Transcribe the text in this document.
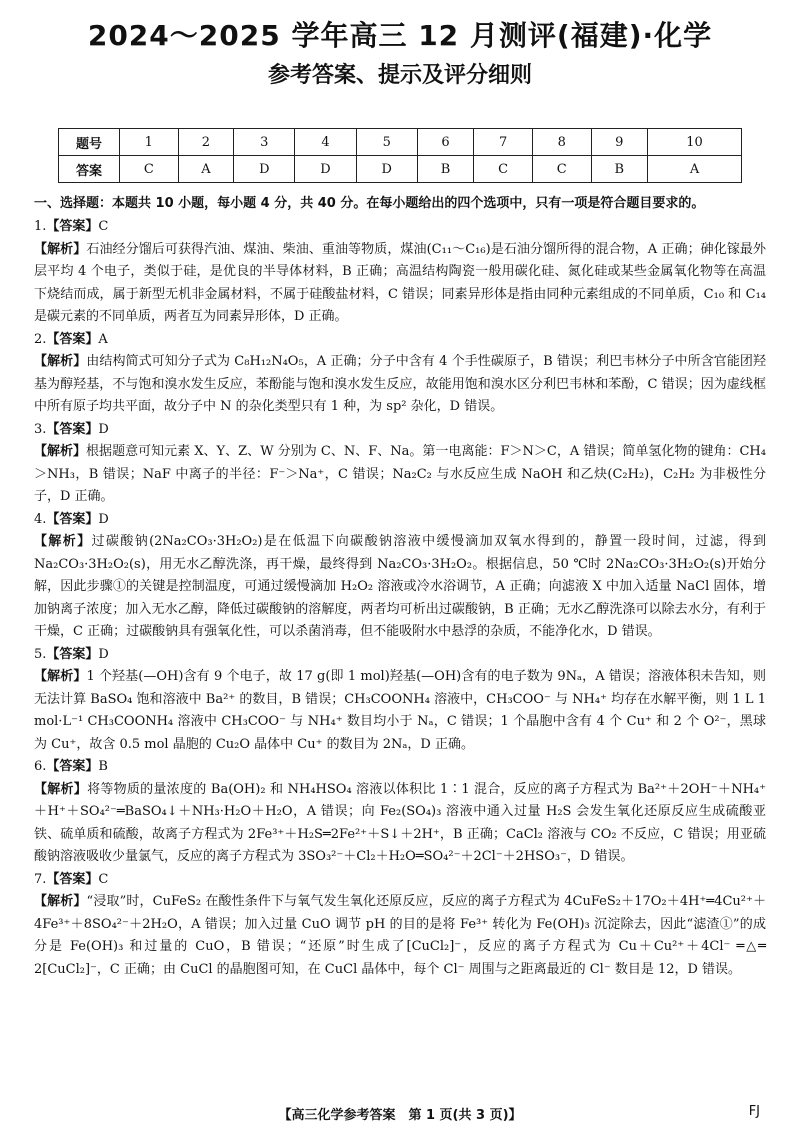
2024～2025 学年高三 12 月测评(福建)·化学
参考答案、提示及评分细则
题号	1	2	3	4	5	6	7	8	9	10
答案	C	A	D	D	D	B	C	C	B	A
一、选择题：本题共 10 小题，每小题 4 分，共 40 分。在每小题给出的四个选项中，只有一项是符合题目要求的。

1.【答案】C

【解析】石油经分馏后可获得汽油、煤油、柴油、重油等物质，煤油(C₁₁～C₁₆)是石油分馏所得的混合物，A 正确；砷化镓最外层平均 4 个电子，类似于硅，是优良的半导体材料，B 正确；高温结构陶瓷一般用碳化硅、氮化硅或某些金属氧化物等在高温下烧结而成，属于新型无机非金属材料，不属于硅酸盐材料，C 错误；同素异形体是指由同种元素组成的不同单质，C₁₀ 和 C₁₄ 是碳元素的不同单质，两者互为同素异形体，D 正确。

2.【答案】A

【解析】由结构简式可知分子式为 C₈H₁₂N₄O₅，A 正确；分子中含有 4 个手性碳原子，B 错误；利巴韦林分子中所含官能团羟基为醇羟基，不与饱和溴水发生反应，苯酚能与饱和溴水发生反应，故能用饱和溴水区分利巴韦林和苯酚，C 错误；因为虚线框中所有原子均共平面，故分子中 N 的杂化类型只有 1 种，为 sp² 杂化，D 错误。

3.【答案】D

【解析】根据题意可知元素 X、Y、Z、W 分别为 C、N、F、Na。第一电离能：F＞N＞C，A 错误；简单氢化物的键角：CH₄＞NH₃，B 错误；NaF 中离子的半径：F⁻＞Na⁺，C 错误；Na₂C₂ 与水反应生成 NaOH 和乙炔(C₂H₂)，C₂H₂ 为非极性分子，D 正确。

4.【答案】D

【解析】过碳酸钠(2Na₂CO₃·3H₂O₂)是在低温下向碳酸钠溶液中缓慢滴加双氧水得到的，静置一段时间，过滤，得到 Na₂CO₃·3H₂O₂(s)，用无水乙醇洗涤，再干燥，最终得到 Na₂CO₃·3H₂O₂。根据信息，50 ℃时 2Na₂CO₃·3H₂O₂(s)开始分解，因此步骤①的关键是控制温度，可通过缓慢滴加 H₂O₂ 溶液或冷水浴调节，A 正确；向滤液 X 中加入适量 NaCl 固体，增加钠离子浓度；加入无水乙醇，降低过碳酸钠的溶解度，两者均可析出过碳酸钠，B 正确；无水乙醇洗涤可以除去水分，有利于干燥，C 正确；过碳酸钠具有强氧化性，可以杀菌消毒，但不能吸附水中悬浮的杂质，不能净化水，D 错误。

5.【答案】D

【解析】1 个羟基(—OH)含有 9 个电子，故 17 g(即 1 mol)羟基(—OH)含有的电子数为 9Nₐ，A 错误；溶液体积未告知，则无法计算 BaSO₄ 饱和溶液中 Ba²⁺ 的数目，B 错误；CH₃COONH₄ 溶液中，CH₃COO⁻ 与 NH₄⁺ 均存在水解平衡，则 1 L 1 mol·L⁻¹ CH₃COONH₄ 溶液中 CH₃COO⁻ 与 NH₄⁺ 数目均小于 Nₐ，C 错误；1 个晶胞中含有 4 个 Cu⁺ 和 2 个 O²⁻，黑球为 Cu⁺，故含 0.5 mol 晶胞的 Cu₂O 晶体中 Cu⁺ 的数目为 2Nₐ，D 正确。

6.【答案】B

【解析】将等物质的量浓度的 Ba(OH)₂ 和 NH₄HSO₄ 溶液以体积比 1∶1 混合，反应的离子方程式为 Ba²⁺＋2OH⁻＋NH₄⁺＋H⁺＋SO₄²⁻═BaSO₄↓＋NH₃·H₂O＋H₂O，A 错误；向 Fe₂(SO₄)₃ 溶液中通入过量 H₂S 会发生氧化还原反应生成硫酸亚铁、硫单质和硫酸，故离子方程式为 2Fe³⁺＋H₂S═2Fe²⁺＋S↓＋2H⁺，B 正确；CaCl₂ 溶液与 CO₂ 不反应，C 错误；用亚硫酸钠溶液吸收少量氯气，反应的离子方程式为 3SO₃²⁻＋Cl₂＋H₂O═SO₄²⁻＋2Cl⁻＋2HSO₃⁻，D 错误。

7.【答案】C

【解析】“浸取”时，CuFeS₂ 在酸性条件下与氧气发生氧化还原反应，反应的离子方程式为 4CuFeS₂＋17O₂＋4H⁺═4Cu²⁺＋4Fe³⁺＋8SO₄²⁻＋2H₂O，A 错误；加入过量 CuO 调节 pH 的目的是将 Fe³⁺ 转化为 Fe(OH)₃ 沉淀除去，因此“滤渣①”的成分是 Fe(OH)₃ 和过量的 CuO，B 错误；“还原”时生成了[CuCl₂]⁻，反应的离子方程式为 Cu＋Cu²⁺＋4Cl⁻ ═△═ 2[CuCl₂]⁻，C 正确；由 CuCl 的晶胞图可知，在 CuCl 晶体中，每个 Cl⁻ 周围与之距离最近的 Cl⁻ 数目是 12，D 错误。

【高三化学参考答案　第 1 页(共 3 页)】	FJ
